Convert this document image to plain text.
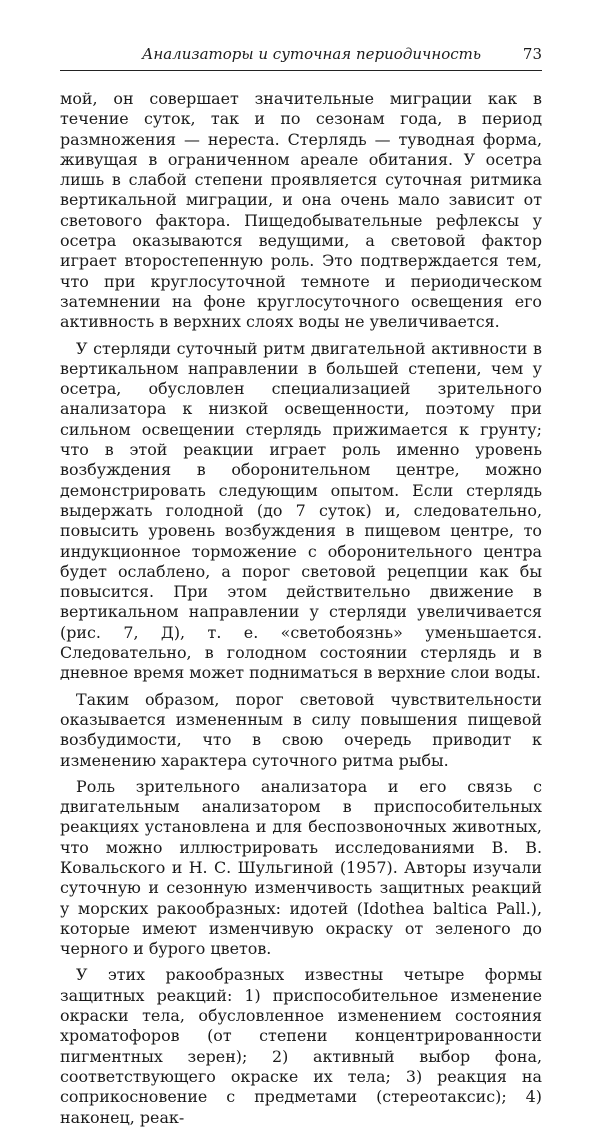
Анализаторы и суточная периодичность	73

мой, он совершает значительные миграции как в течение суток, так и по сезонам года, в период размножения — нереста. Стерлядь — туводная форма, живущая в ограниченном ареале обитания. У осетра лишь в слабой степени проявляется суточная ритмика вертикальной миграции, и она очень мало зависит от светового фактора. Пищедобывательные рефлексы у осетра оказываются ведущими, а световой фактор играет второстепенную роль. Это подтверждается тем, что при круглосуточной темноте и периодическом затемнении на фоне круглосуточного освещения его активность в верхних слоях воды не увеличивается.

У стерляди суточный ритм двигательной активности в вертикальном направлении в большей степени, чем у осетра, обусловлен специализацией зрительного анализатора к низкой освещенности, поэтому при сильном освещении стерлядь прижимается к грунту; что в этой реакции играет роль именно уровень возбуждения в оборонительном центре, можно демонстрировать следующим опытом. Если стерлядь выдержать голодной (до 7 суток) и, следовательно, повысить уровень возбуждения в пищевом центре, то индукционное торможение с оборонительного центра будет ослаблено, а порог световой рецепции как бы повысится. При этом действительно движение в вертикальном направлении у стерляди увеличивается (рис. 7, Д), т. е. «светобоязнь» уменьшается. Следовательно, в голодном состоянии стерлядь и в дневное время может подниматься в верхние слои воды.

Таким образом, порог световой чувствительности оказывается измененным в силу повышения пищевой возбудимости, что в свою очередь приводит к изменению характера суточного ритма рыбы.

Роль зрительного анализатора и его связь с двигательным анализатором в приспособительных реакциях установлена и для беспозвоночных животных, что можно иллюстрировать исследованиями В. В. Ковальского и Н. С. Шульгиной (1957). Авторы изучали суточную и сезонную изменчивость защитных реакций у морских ракообразных: идотей (Idothea baltica Pall.), которые имеют изменчивую окраску от зеленого до черного и бурого цветов.

У этих ракообразных известны четыре формы защитных реакций: 1) приспособительное изменение окраски тела, обусловленное изменением состояния хроматофоров (от степени концентрированности пигментных зерен); 2) активный выбор фона, соответствующего окраске их тела; 3) реакция на соприкосновение с предметами (стереотаксис); 4) наконец, реак-
